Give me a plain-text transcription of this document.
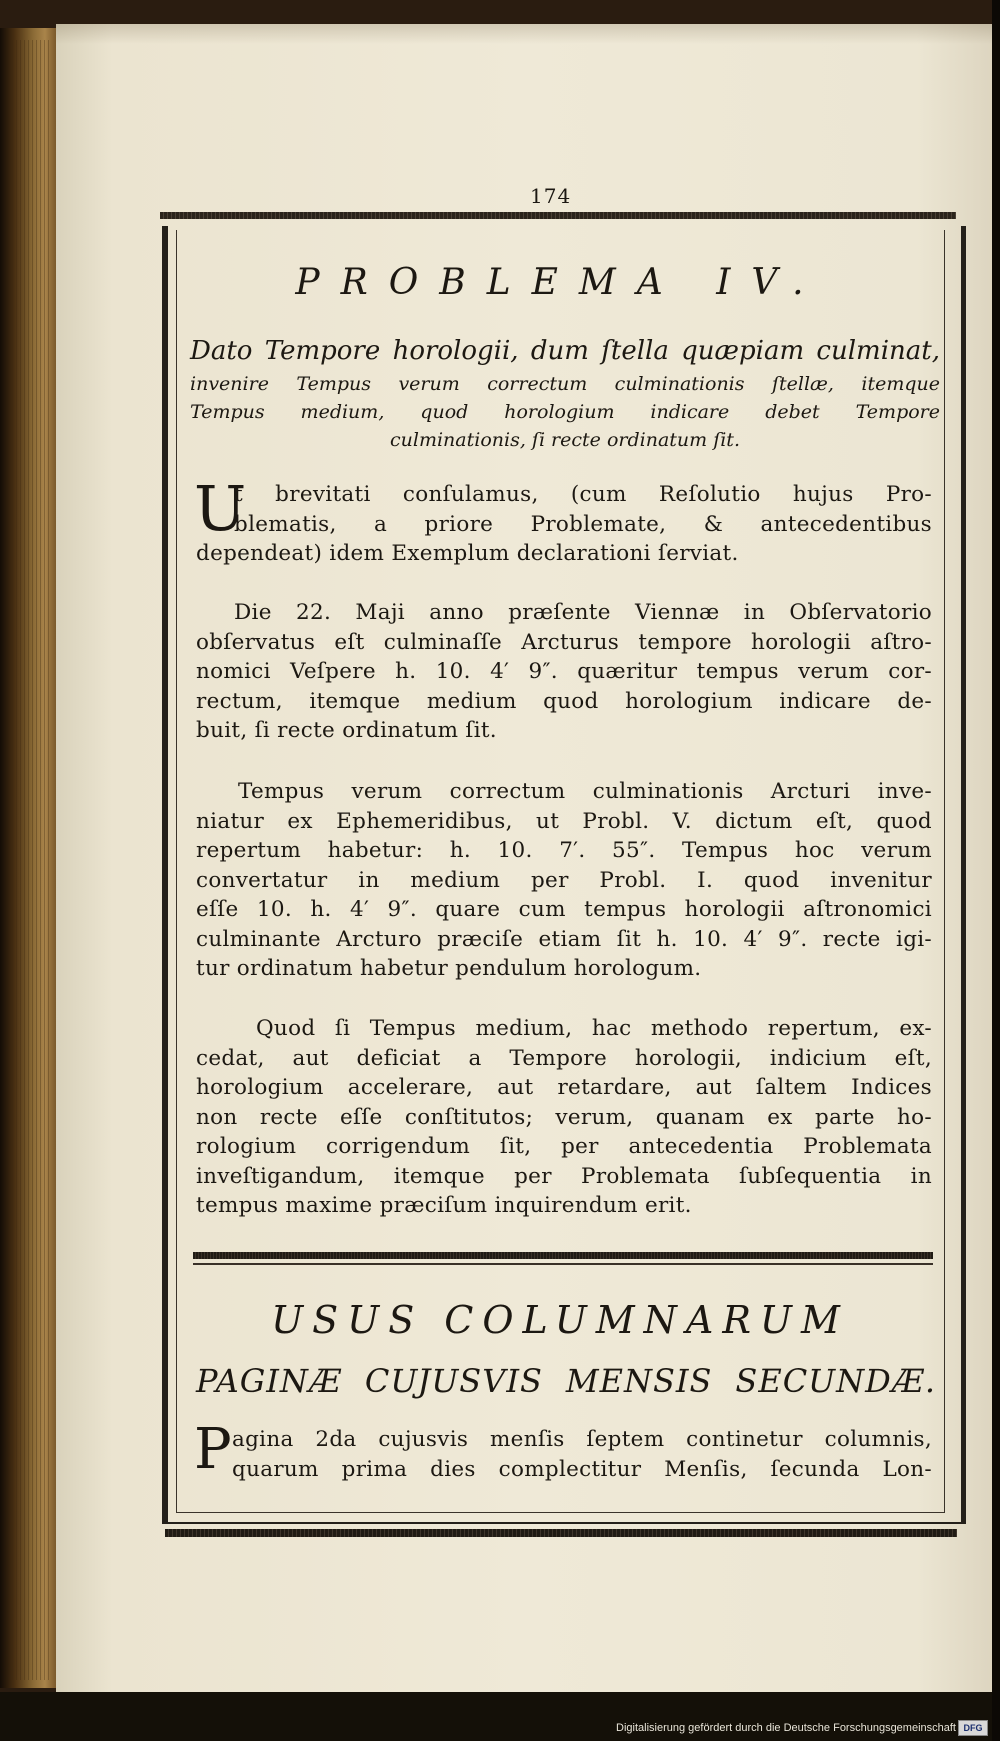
174
PROBLEMA IV.
Dato Tempore horologii, dum ſtella quæpiam culminat,
invenire Tempus verum correctum culminationis ſtellæ, itemque
Tempus medium, quod horologium indicare debet Tempore
culminationis, ſi recte ordinatum ſit.
U
t brevitati conſulamus, (cum Reſolutio hujus Pro-
blematis, a priore Problemate, & antecedentibus
dependeat) idem Exemplum declarationi ſerviat.
Die 22. Maji anno præſente Viennæ in Obſervatorio
obſervatus eſt culminaſſe Arcturus tempore horologii aſtro-
nomici Veſpere h. 10. 4′ 9″. quæritur tempus verum cor-
rectum, itemque medium quod horologium indicare de-
buit, ſi recte ordinatum ſit.
Tempus verum correctum culminationis Arcturi inve-
niatur ex Ephemeridibus, ut Probl. V. dictum eſt, quod
repertum habetur: h. 10. 7′. 55″. Tempus hoc verum
convertatur in medium per Probl. I. quod invenitur
eſſe 10. h. 4′ 9″. quare cum tempus horologii aſtronomici
culminante Arcturo præciſe etiam ſit h. 10. 4′ 9″. recte igi-
tur ordinatum habetur pendulum horologum.
Quod ſi Tempus medium, hac methodo repertum, ex-
cedat, aut deficiat a Tempore horologii, indicium eſt,
horologium accelerare, aut retardare, aut ſaltem Indices
non recte eſſe conſtitutos; verum, quanam ex parte ho-
rologium corrigendum ſit, per antecedentia Problemata
inveſtigandum, itemque per Problemata ſubſequentia in
tempus maxime præciſum inquirendum erit.
USUS COLUMNARUM
PAGINÆ CUJUSVIS MENSIS SECUNDÆ.
P agina 2da cujusvis menſis ſeptem continetur columnis,
quarum prima dies complectitur Menſis, ſecunda Lon-
Digitalisierung gefördert durch die Deutsche Forschungsgemeinschaft DFG
